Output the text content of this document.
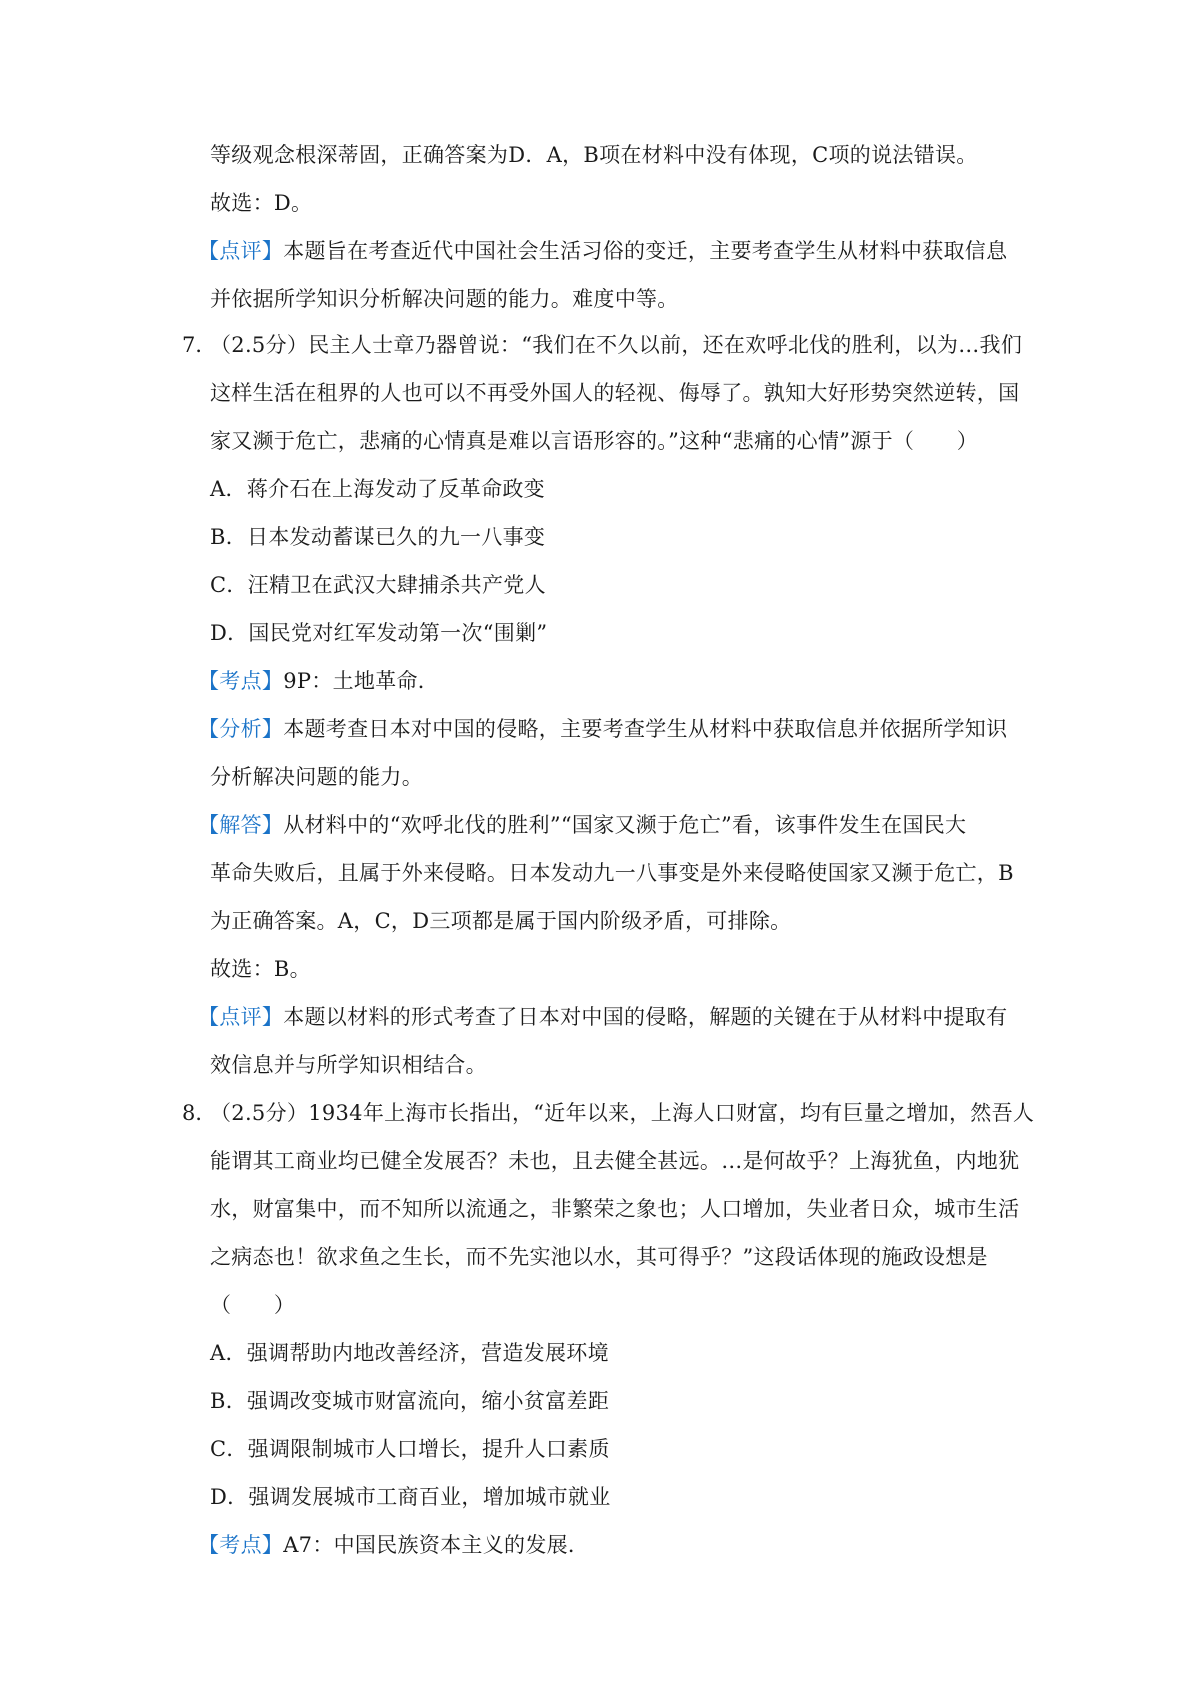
等级观念根深蒂固，正确答案为D．A，B项在材料中没有体现，C项的说法错误。
故选：D。
【点评】本题旨在考查近代中国社会生活习俗的变迁，主要考查学生从材料中获取信息
并依据所学知识分析解决问题的能力。难度中等。
7．
（2.5分）民主人士章乃器曾说：“我们在不久以前，还在欢呼北伐的胜利，以为…我们
这样生活在租界的人也可以不再受外国人的轻视、侮辱了。孰知大好形势突然逆转，国
家又濒于危亡，悲痛的心情真是难以言语形容的。”这种“悲痛的心情”源于（　　）
A．蒋介石在上海发动了反革命政变
B．日本发动蓄谋已久的九一八事变
C．汪精卫在武汉大肆捕杀共产党人
D．国民党对红军发动第一次“围剿”
【考点】9P：土地革命．
【分析】本题考查日本对中国的侵略，主要考查学生从材料中获取信息并依据所学知识
分析解决问题的能力。
【解答】从材料中的“欢呼北伐的胜利”“国家又濒于危亡”看，该事件发生在国民大
革命失败后，且属于外来侵略。日本发动九一八事变是外来侵略使国家又濒于危亡，B
为正确答案。A，C，D三项都是属于国内阶级矛盾，可排除。
故选：B。
【点评】本题以材料的形式考查了日本对中国的侵略，解题的关键在于从材料中提取有
效信息并与所学知识相结合。
8．
（2.5分）1934年上海市长指出，“近年以来，上海人口财富，均有巨量之增加，然吾人
能谓其工商业均已健全发展否？未也，且去健全甚远。…是何故乎？上海犹鱼，内地犹
水，财富集中，而不知所以流通之，非繁荣之象也；人口增加，失业者日众，城市生活
之病态也！欲求鱼之生长，而不先实池以水，其可得乎？”这段话体现的施政设想是
（　　）
A．强调帮助内地改善经济，营造发展环境
B．强调改变城市财富流向，缩小贫富差距
C．强调限制城市人口增长，提升人口素质
D．强调发展城市工商百业，增加城市就业
【考点】A7：中国民族资本主义的发展．
